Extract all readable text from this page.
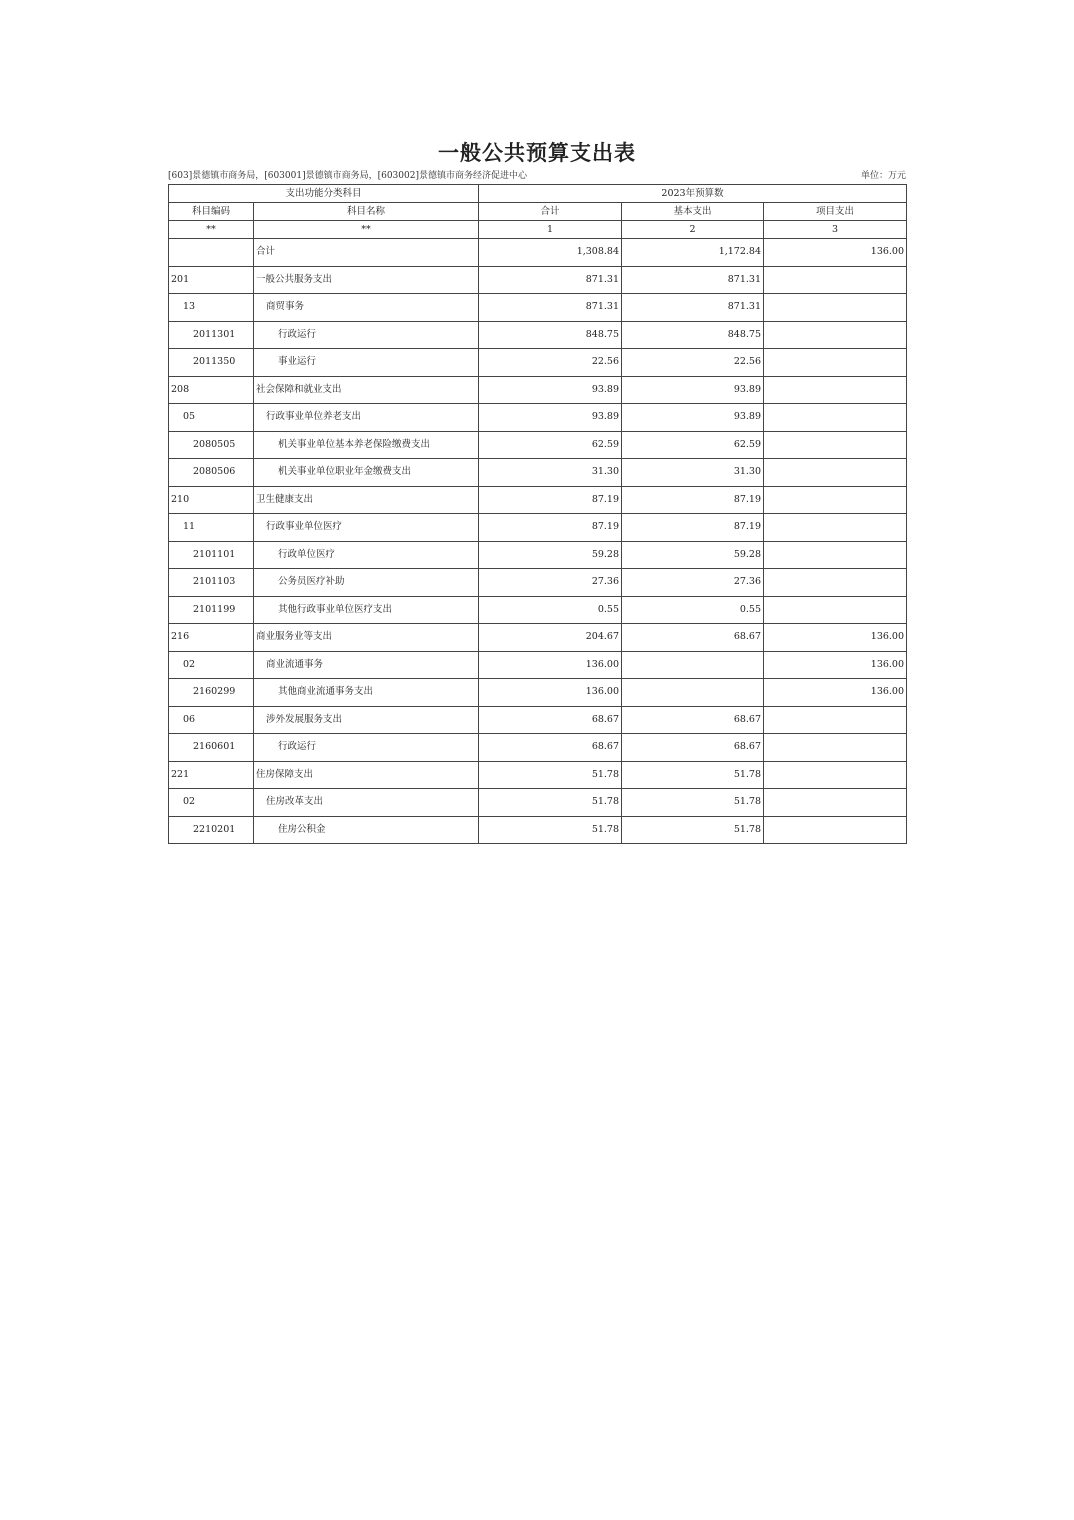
一般公共预算支出表
[603]景德镇市商务局，[603001]景德镇市商务局，[603002]景德镇市商务经济促进中心	单位：万元
支出功能分类科目		2023年预算数		
科目编码	科目名称	合计	基本支出	项目支出
**	**	1	2	3
	合计	1,308.84	1,172.84	136.00
201	一般公共服务支出	871.31	871.31	
13	商贸事务	871.31	871.31	
2011301	行政运行	848.75	848.75	
2011350	事业运行	22.56	22.56	
208	社会保障和就业支出	93.89	93.89	
05	行政事业单位养老支出	93.89	93.89	
2080505	机关事业单位基本养老保险缴费支出	62.59	62.59	
2080506	机关事业单位职业年金缴费支出	31.30	31.30	
210	卫生健康支出	87.19	87.19	
11	行政事业单位医疗	87.19	87.19	
2101101	行政单位医疗	59.28	59.28	
2101103	公务员医疗补助	27.36	27.36	
2101199	其他行政事业单位医疗支出	0.55	0.55	
216	商业服务业等支出	204.67	68.67	136.00
02	商业流通事务	136.00		136.00
2160299	其他商业流通事务支出	136.00		136.00
06	涉外发展服务支出	68.67	68.67	
2160601	行政运行	68.67	68.67	
221	住房保障支出	51.78	51.78	
02	住房改革支出	51.78	51.78	
2210201	住房公积金	51.78	51.78	
